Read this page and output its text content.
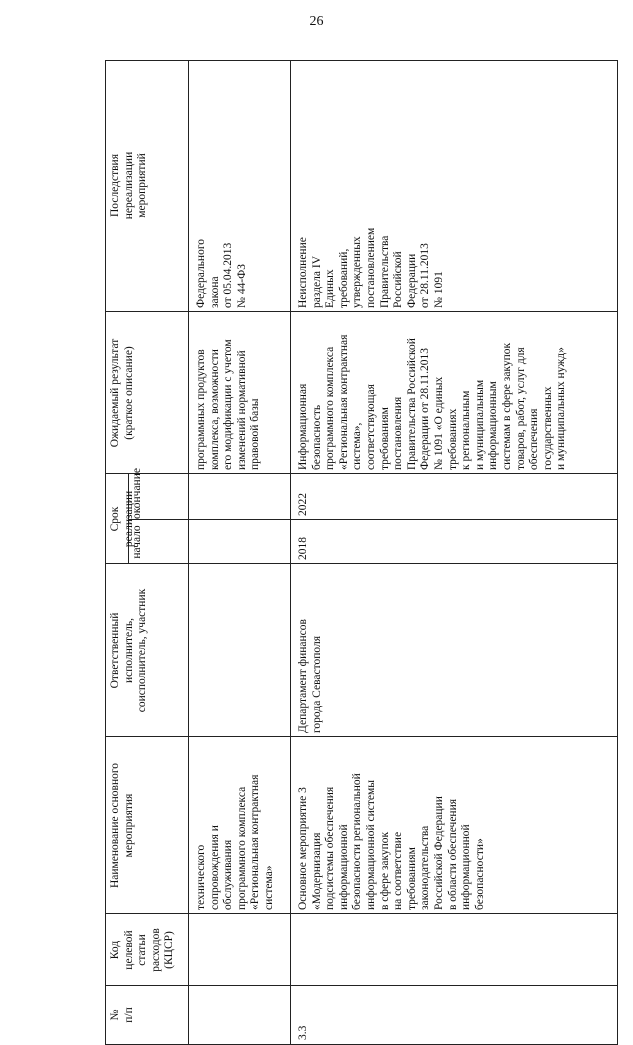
26
№
п/п
Код
целевой
статьи
расходов
(КЦСР)
Наименование основного
мероприятия
Ответственный
исполнитель,
соисполнитель, участник
Срок реализации
начало
окончание
Ожидаемый результат
(краткое описание)
Последствия
нереализации
мероприятий
технического
сопровождения и
обслуживания
программного комплекса
«Региональная контрактная
система»
программных продуктов
комплекса, возможности
его модификации с учетом
изменений нормативной
правовой базы
Федерального
закона
от 05.04.2013
№ 44-ФЗ
3.3
Основное мероприятие 3
«Модернизация
подсистемы обеспечения
информационной
безопасности региональной
информационной системы
в сфере закупок
на соответствие
требованиям
законодательства
Российской Федерации
в области обеспечения
информационной
безопасности»
Департамент финансов
города Севастополя
2018
2022
Информационная
безопасность
программного комплекса
«Региональная контрактная
система»,
соответствующая
требованиям
постановления
Правительства Российской
Федерации от 28.11.2013
№ 1091 «О единых
требованиях
к региональным
и муниципальным
информационным
системам в сфере закупок
товаров, работ, услуг для
обеспечения
государственных
и муниципальных нужд»
Неисполнение
раздела IV
Единых
требований,
утвержденных
постановлением
Правительства
Российской
Федерации
от 28.11.2013
№ 1091
